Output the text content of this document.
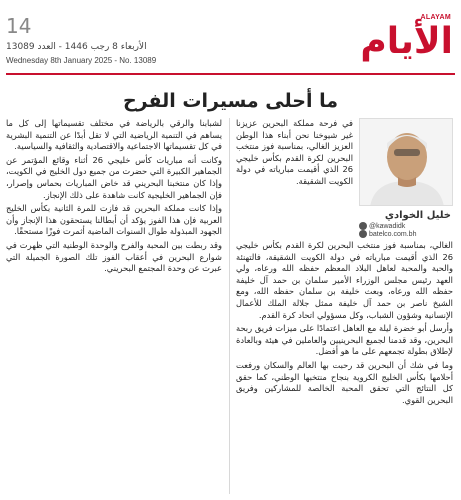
14
الأربعاء 8 رجب 1446 - العدد 13089
Wednesday 8th January 2025 - No. 13089
ALAYAM
الأيام
ما أحلى مسيرات الفرح
خليل الخوادي
@kawadidk
batelco.com.bh

في فرحة مملكة البحرين عزيزنا غير شيوخنا نحن أبناء هذا الوطن العزيز الغالي، بمناسبة فوز منتخب البحرين لكرة القدم بكأس خليجي 26 الذي أقيمت مبارياته في دولة الكويت الشقيقة.

الغالي، بمناسبة فوز منتخب البحرين لكرة القدم بكأس خليجي 26 الذي أقيمت مبارياته في دولة الكويت الشقيقة، فالتهنئة والحبة والمحبة لعاهل البلاد المعظم حفظه الله ورعاه، ولي العهد رئيس مجلس الوزراء الأمير سلمان بن حمد آل خليفة حفظه الله ورعاه، وبعث خليفة بن سلمان حفظه الله، ومع الشيخ ناصر بن حمد آل خليفة ممثل جلالة الملك للأعمال الإنسانية وشؤون الشباب، وكل مسؤولي اتحاد كرة القدم.

وأرسل أبو خضرة ليلة مع العاهل اعتمادًا على ميزات فريق ربحة البحرين، وقد قدمنا لجميع البحرينيين والعاملين في هيئة وبالعادة لإطلاق بطولة تجمعهم على ما هو أفضل.

وما في شك أن البحرين قد رحبت بها العالم والسكان ورفعت أحلامها بكأس الخليج الكروية بنجاح منتخبها الوطني، كما حقق كل النتائج التي تحقق المحبة الخالصة للمشاركين وفريق البحرين القوي.

لشبابنا والرقي بالرياضة في مختلف تقسيماتها إلى كل ما يساهم في التنمية الرياضية التي لا تقل أبدًا عن التنمية البشرية في كل تقسيماتها الاجتماعية والاقتصادية والثقافية والسياسية.

وكانت أنه مباريات كأس خليجي 26 أثناء وقائع المؤتمر عن الجماهير الكبيرة التي حضرت من جميع دول الخليج في الكويت، وإذا كان منتخبنا البحريني قد خاض المباريات بحماس وإصرار، فإن الجماهير الخليجية كانت شاهدة على ذلك الإنجاز.

وإذا كانت مملكة البحرين قد فازت للمرة الثانية بكأس الخليج العربية فإن هذا الفوز يؤكد أن أبطالنا يستحقون هذا الإنجاز وأن الجهود المبذولة طوال السنوات الماضية أثمرت فوزًا مستحقًا.

وقد ربطت بين المحبة والفرح والوحدة الوطنية التي ظهرت في شوارع البحرين في أعقاب الفوز تلك الصورة الجميلة التي عبرت عن وحدة المجتمع البحريني.
